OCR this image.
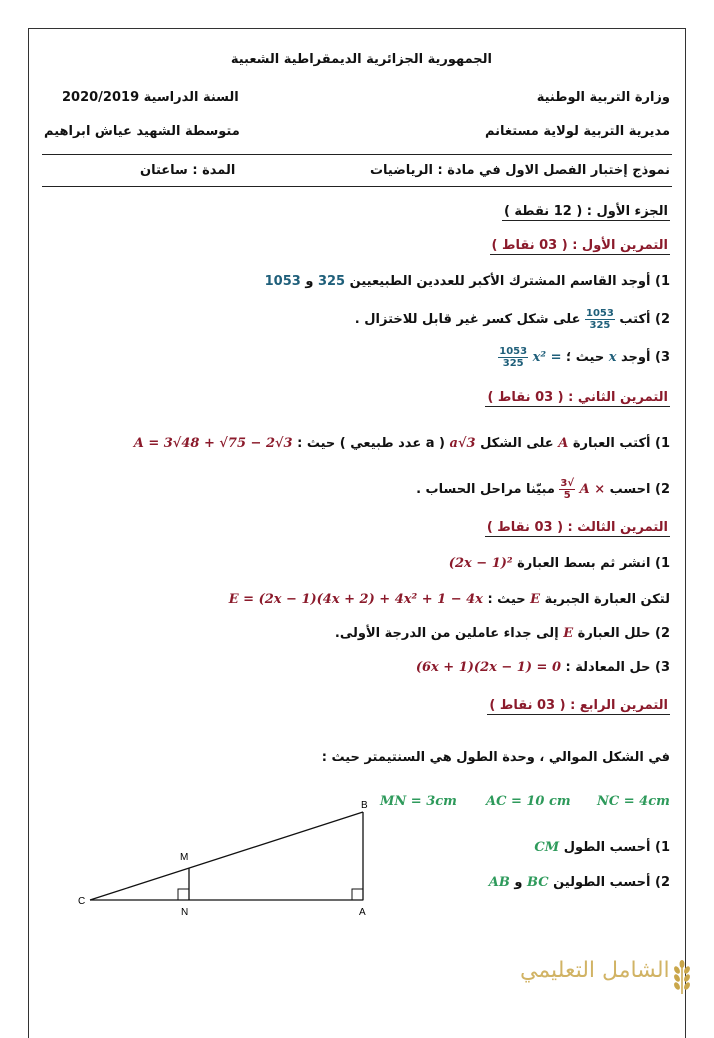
الجمهورية الجزائرية الديمقراطية الشعبية
وزارة التربية الوطنية
السنة الدراسية 2020/2019
مديرية التربية لولاية مستغانم
متوسطة الشهيد عياش ابراهيم
نموذج إختبار الفصل الاول في مادة : الرياضيات
المدة : ساعتان
الجزء الأول : ( 12 نقطة )
التمرين الأول : ( 03 نقاط )
1) أوجد القاسم المشترك الأكبر للعددين الطبيعيين 325 و 1053
2) أكتب
$\frac{1053}{325}$
على شكل كسر غير قابل للاختزال .
3) أوجد x حيث ؛ x² =
$\frac{1053}{325}$
التمرين الثاني : ( 03 نقاط )
1) أكتب العبارة A على الشكل a√3 ( a عدد طبيعي ) حيث : A = 3√48 + √75 − 2√3
2) احسب A ×
$\frac{√3}{5}$
مبيّنا مراحل الحساب .
التمرين الثالث : ( 03 نقاط )
1) انشر ثم بسط العبارة (2x − 1)²
لتكن العبارة الجبرية E حيث : E = (2x − 1)(4x + 2) + 4x² + 1 − 4x
2) حلل العبارة E إلى جداء عاملين من الدرجة الأولى.
3) حل المعادلة : (6x + 1)(2x − 1) = 0
التمرين الرابع : ( 03 نقاط )
في الشكل الموالي ، وحدة الطول هي السنتيمتر حيث :
NC = 4cm
AC = 10 cm
MN = 3cm
1) أحسب الطول CM
2) أحسب الطولين BC و AB
B
M
C
N	A
الشامل التعليمي
